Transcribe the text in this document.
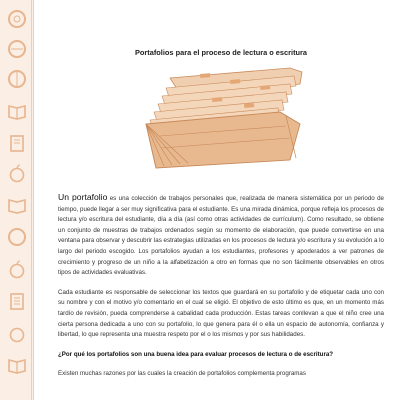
Portafolios para el proceso de lectura o escritura

Un portafolio es una colección de trabajos personales que, realizada de manera sistemática por un periodo de tiempo, puede llegar a ser muy significativa para el estudiante. Es una mirada dinámica, porque refleja los procesos de lectura y/o escritura del estudiante, día a día (así como otras actividades de currículum). Como resultado, se obtiene un conjunto de muestras de trabajos ordenados según su momento de elaboración, que puede convertirse en una ventana para observar y descubrir las estrategias utilizadas en los procesos de lectura y/o escritura y su evolución a lo largo del periodo escogido. Los portafolios ayudan a los estudiantes, profesores y apoderados a ver patrones de crecimiento y progreso de un niño a la alfabetización a otro en formas que no son fácilmente observables en otros tipos de actividades evaluativas.

Cada estudiante es responsable de seleccionar los textos que guardará en su portafolio y de etiquetar cada uno con su nombre y con el motivo y/o comentario en el cual se eligió. El objetivo de esto último es que, en un momento más tardío de revisión, pueda comprenderse a cabalidad cada producción. Estas tareas conllevan a que el niño cree una ciertа persona dedicada a uno con su portafolio, lo que genera para él o ella un espacio de autonomía, confianza y libertad, lo que representa una muestra respeto por el o los mismos y por sus habilidades.

¿Por qué los portafolios son una buena idea para evaluar procesos de lectura o de escritura?

Existen muchas razones por las cuales la creación de portafolios complementa programas
